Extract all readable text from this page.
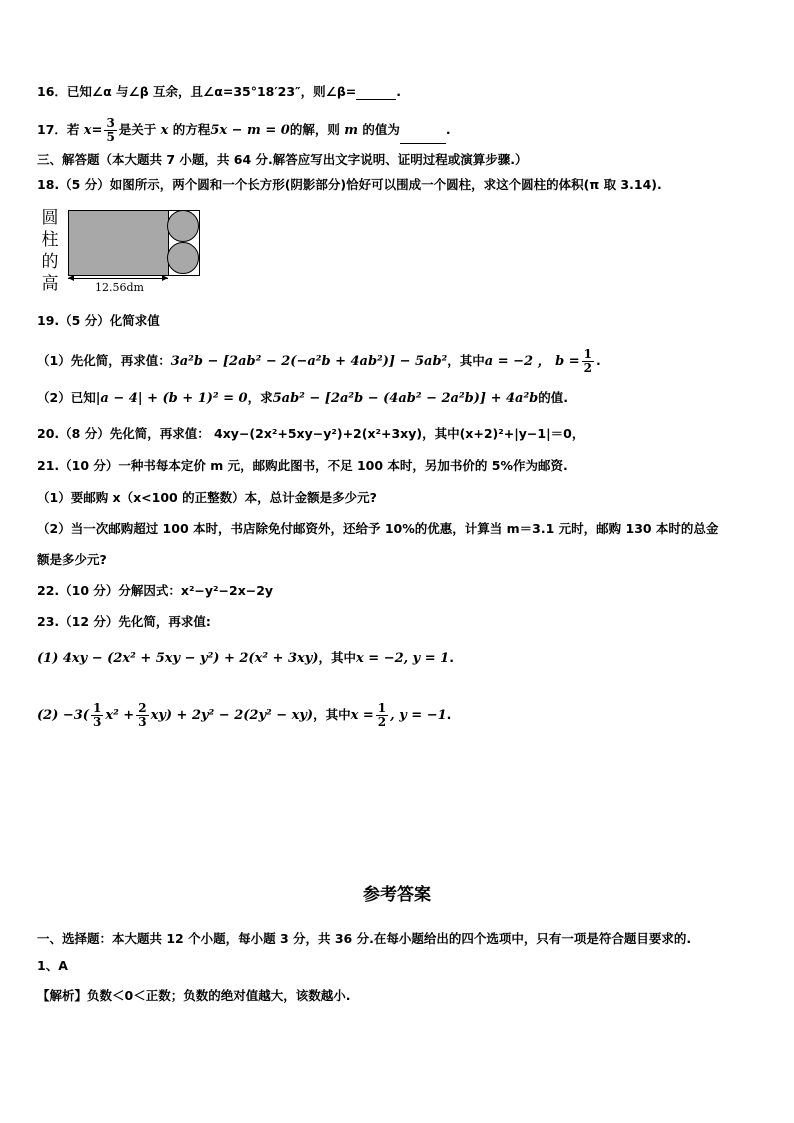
16．已知∠α 与∠β 互余，且∠α=35°18′23″，则∠β=	.
17．若 $x= \frac{3}{5}$ 是关于 x 的方程5x − m = 0的解，则 m 的值为	.
三、解答题（本大题共 7 小题，共 64 分.解答应写出文字说明、证明过程或演算步骤.）
18.（5 分）如图所示，两个圆和一个长方形(阴影部分)恰好可以围成一个圆柱，求这个圆柱的体积(π 取 3.14).
圆
柱
的
高	12.56dm
19.（5 分）化简求值
（1）先化简，再求值：3a²b − [2ab² − 2(−a²b + 4ab²)] − 5ab²，其中a = −2 ， $b = \frac{1}{2}$ .
（2）已知|a − 4| + (b + 1)² = 0，求5ab² − [2a²b − (4ab² − 2a²b)] + 4a²b的值.
20.（8 分）先化简，再求值： 4xy−(2x²+5xy−y²)+2(x²+3xy)，其中(x+2)²+|y−1|＝0，
21.（10 分）一种书每本定价 m 元，邮购此图书，不足 100 本时，另加书价的 5%作为邮资.
（1）要邮购 x（x<100 的正整数）本，总计金额是多少元?
（2）当一次邮购超过 100 本时，书店除免付邮资外，还给予 10%的优惠，计算当 m＝3.1 元时，邮购 130 本时的总金
额是多少元?
22.（10 分）分解因式：x²−y²−2x−2y
23.（12 分）先化简，再求值:
(1) 4xy − (2x² + 5xy − y²) + 2(x² + 3xy)，其中x = −2, y = 1.
$(2) -3( \frac{1}{3} x^2 + \frac{2}{3} xy) + 2y^2 - 2(2y^2 - xy)$，其中$x = \frac{1}{2}$ , y = −1.
参考答案
一、选择题：本大题共 12 个小题，每小题 3 分，共 36 分.在每小题给出的四个选项中，只有一项是符合题目要求的.
1、A
【解析】负数＜0＜正数；负数的绝对值越大，该数越小.
